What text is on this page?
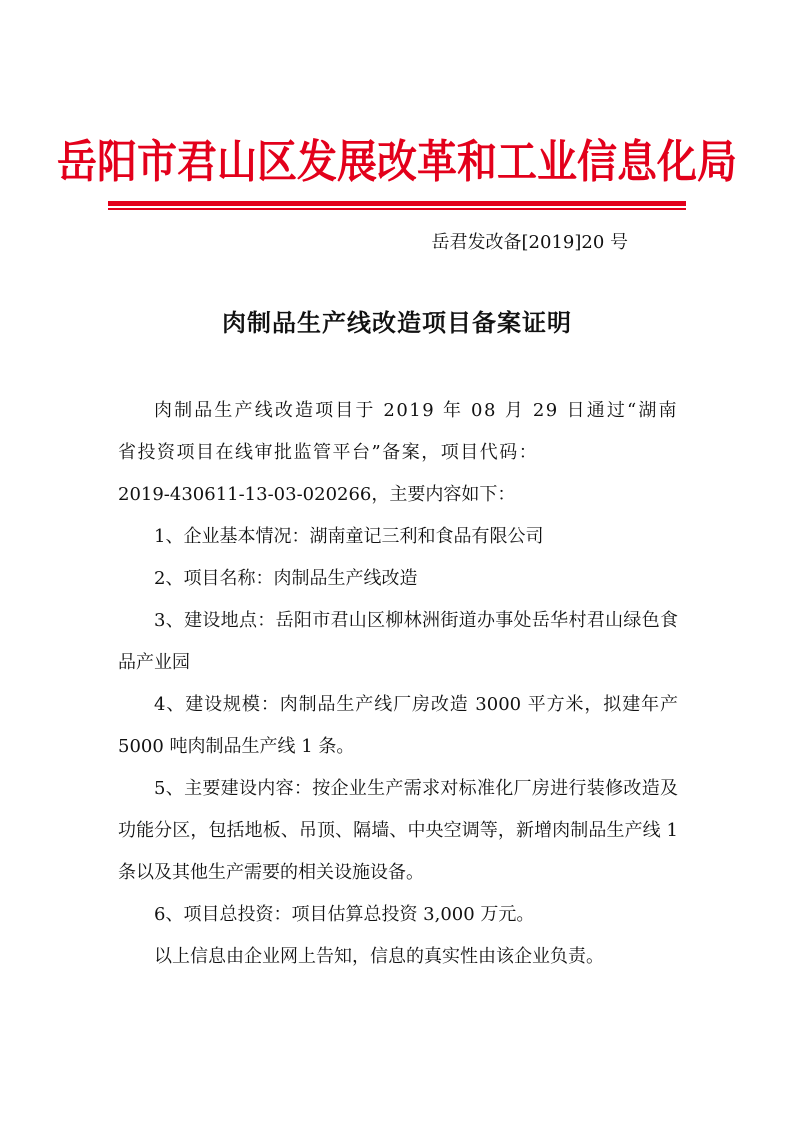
岳阳市君山区发展改革和工业信息化局
岳君发改备[2019]20 号
肉制品生产线改造项目备案证明

肉制品生产线改造项目于 2019 年 08 月 29 日通过“湖南省投资项目在线审批监管平台”备案，项目代码：

2019-430611-13-03-020266，主要内容如下：

1、企业基本情况：湖南童记三利和食品有限公司

2、项目名称：肉制品生产线改造

3、建设地点：岳阳市君山区柳林洲街道办事处岳华村君山绿色食品产业园

4、建设规模：肉制品生产线厂房改造 3000 平方米，拟建年产 5000 吨肉制品生产线 1 条。

5、主要建设内容：按企业生产需求对标准化厂房进行装修改造及功能分区，包括地板、吊顶、隔墙、中央空调等，新增肉制品生产线 1 条以及其他生产需要的相关设施设备。

6、项目总投资：项目估算总投资 3,000 万元。

以上信息由企业网上告知，信息的真实性由该企业负责。
